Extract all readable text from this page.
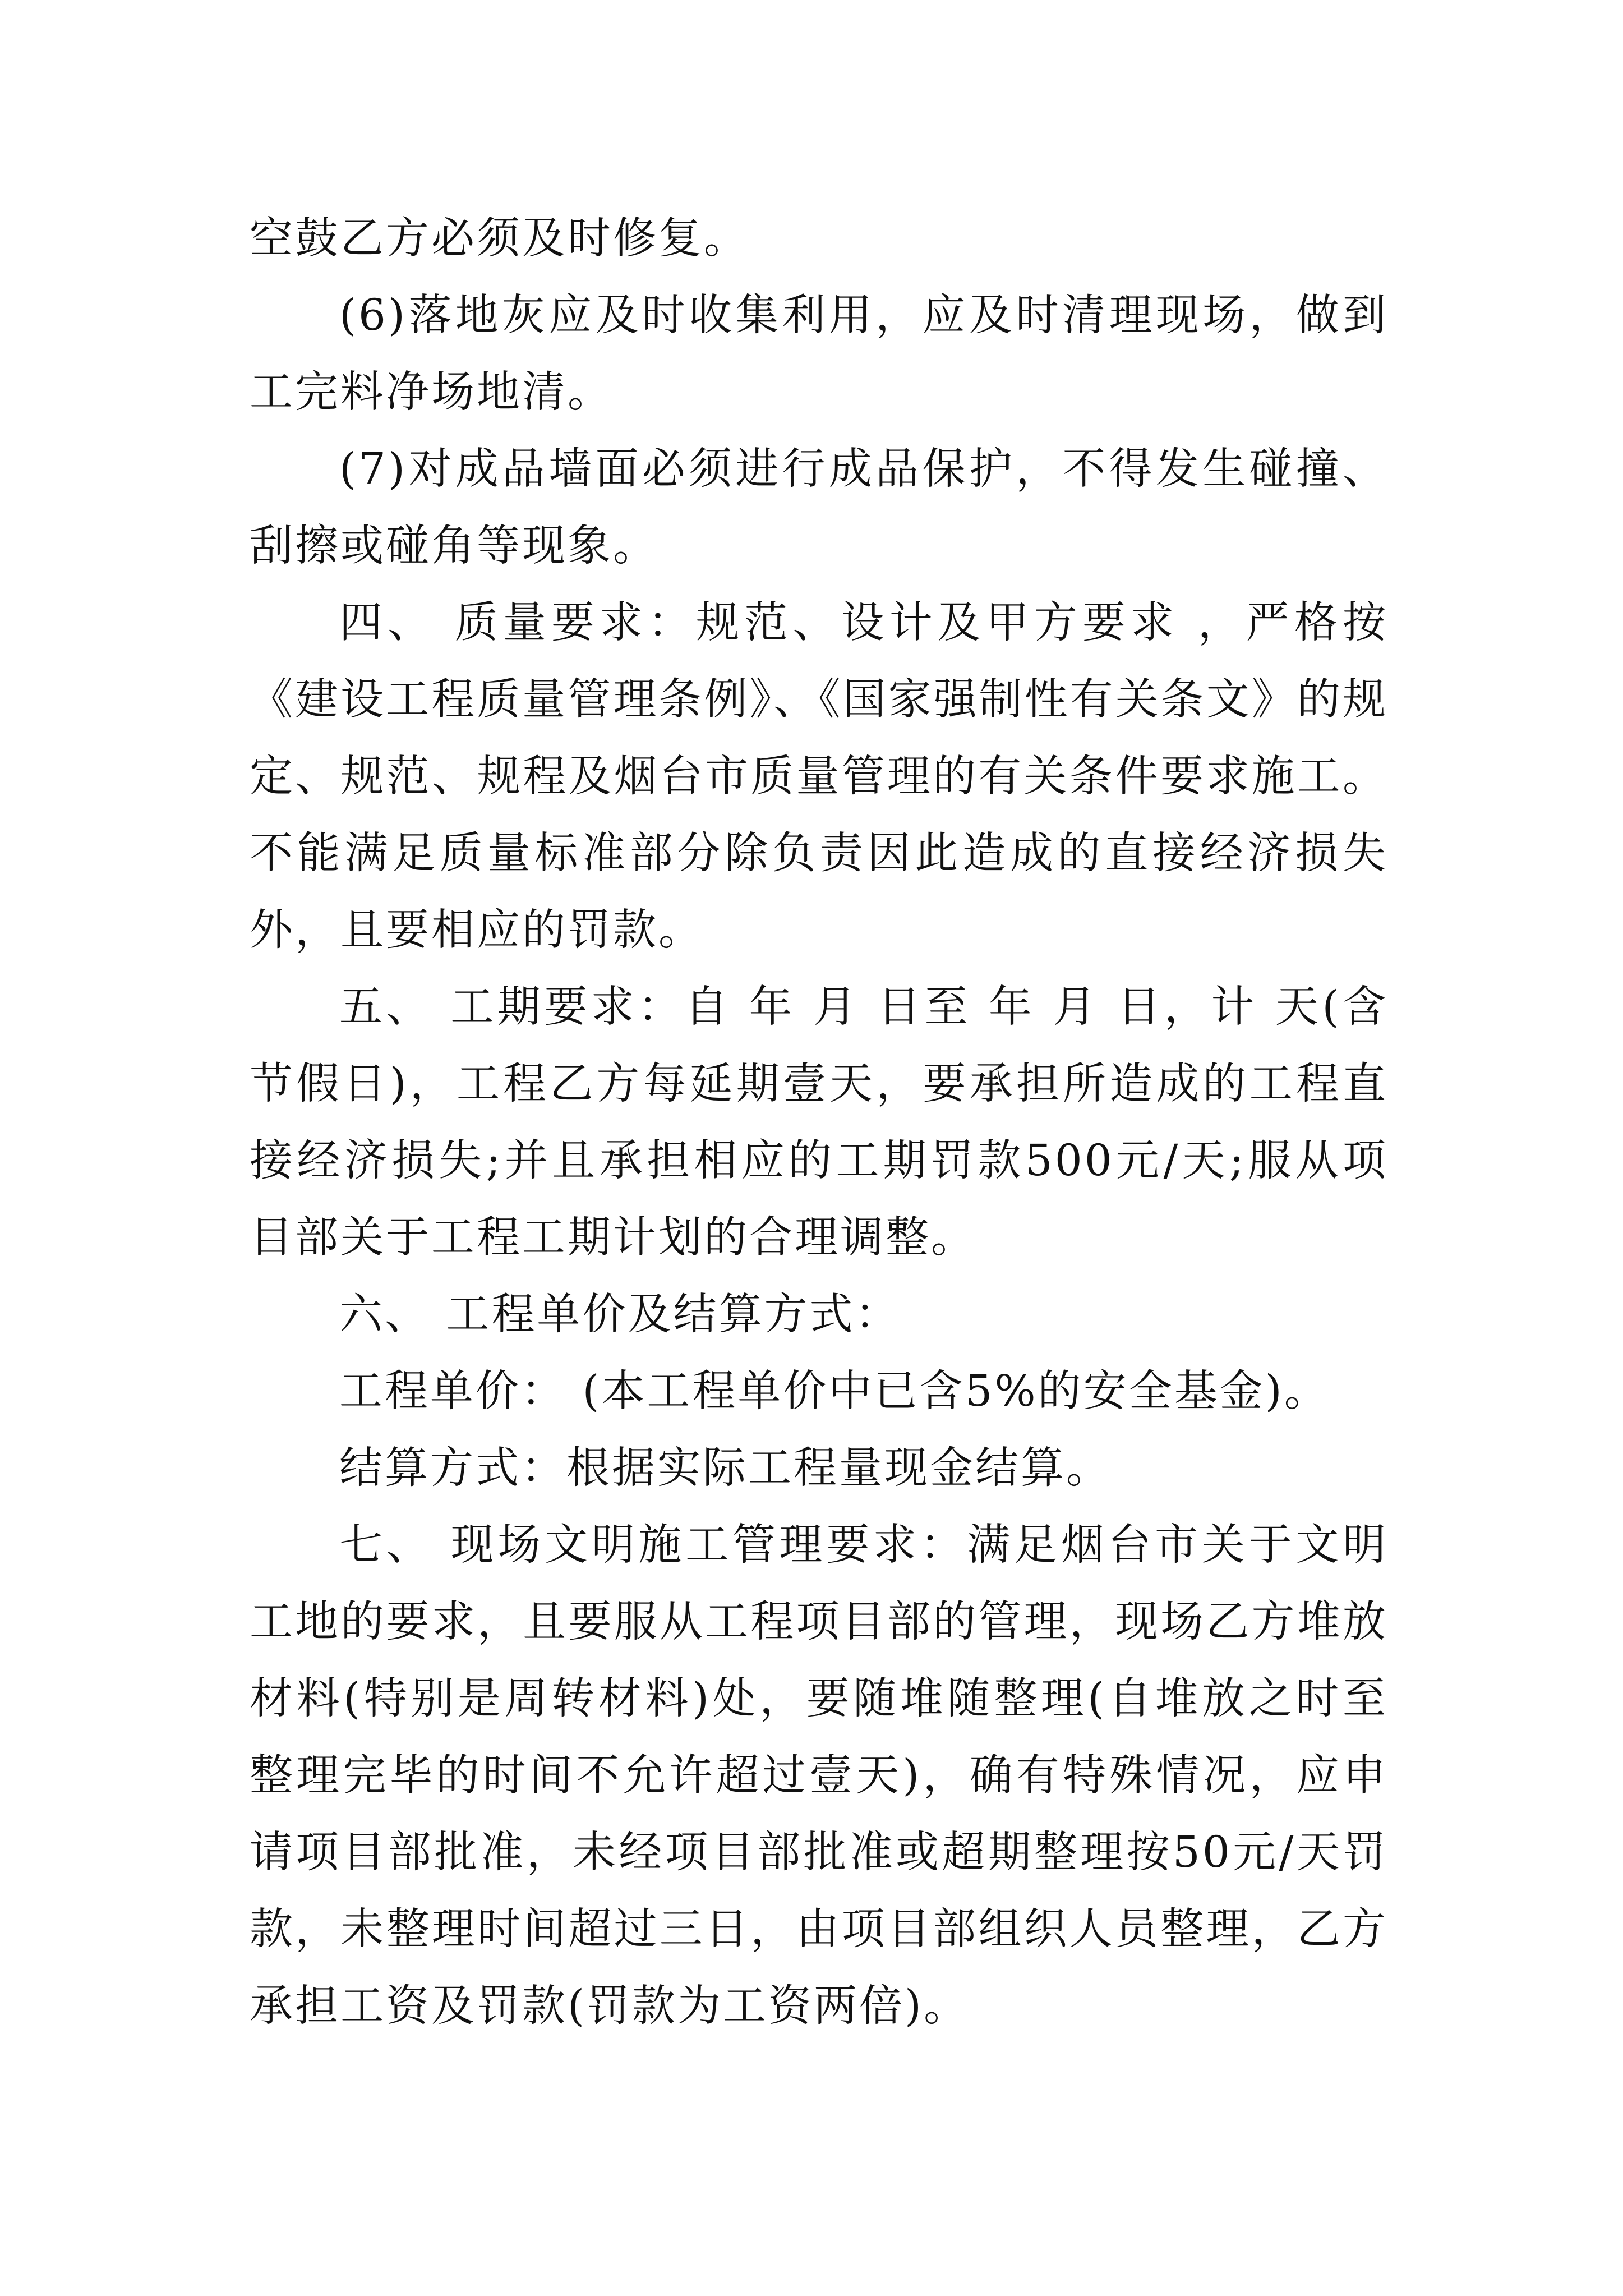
空鼓乙方必须及时修复。

(6)落地灰应及时收集利用，应及时清理现场，做到工完料净场地清。

(7)对成品墙面必须进行成品保护，不得发生碰撞、刮擦或碰角等现象。

四、 质量要求：规范、设计及甲方要求 ，严格按《建设工程质量管理条例》、《国家强制性有关条文》的规定、规范、规程及烟台市质量管理的有关条件要求施工。不能满足质量标准部分除负责因此造成的直接经济损失外，且要相应的罚款。

五、 工期要求：自 年 月 日至 年 月 日，计 天(含节假日)，工程乙方每延期壹天，要承担所造成的工程直接经济损失;并且承担相应的工期罚款500元/天;服从项目部关于工程工期计划的合理调整。

六、 工程单价及结算方式：

工程单价： (本工程单价中已含5%的安全基金)。

结算方式：根据实际工程量现金结算。

七、 现场文明施工管理要求：满足烟台市关于文明工地的要求，且要服从工程项目部的管理，现场乙方堆放材料(特别是周转材料)处，要随堆随整理(自堆放之时至整理完毕的时间不允许超过壹天)，确有特殊情况，应申请项目部批准，未经项目部批准或超期整理按50元/天罚款，未整理时间超过三日，由项目部组织人员整理，乙方承担工资及罚款(罚款为工资两倍)。
